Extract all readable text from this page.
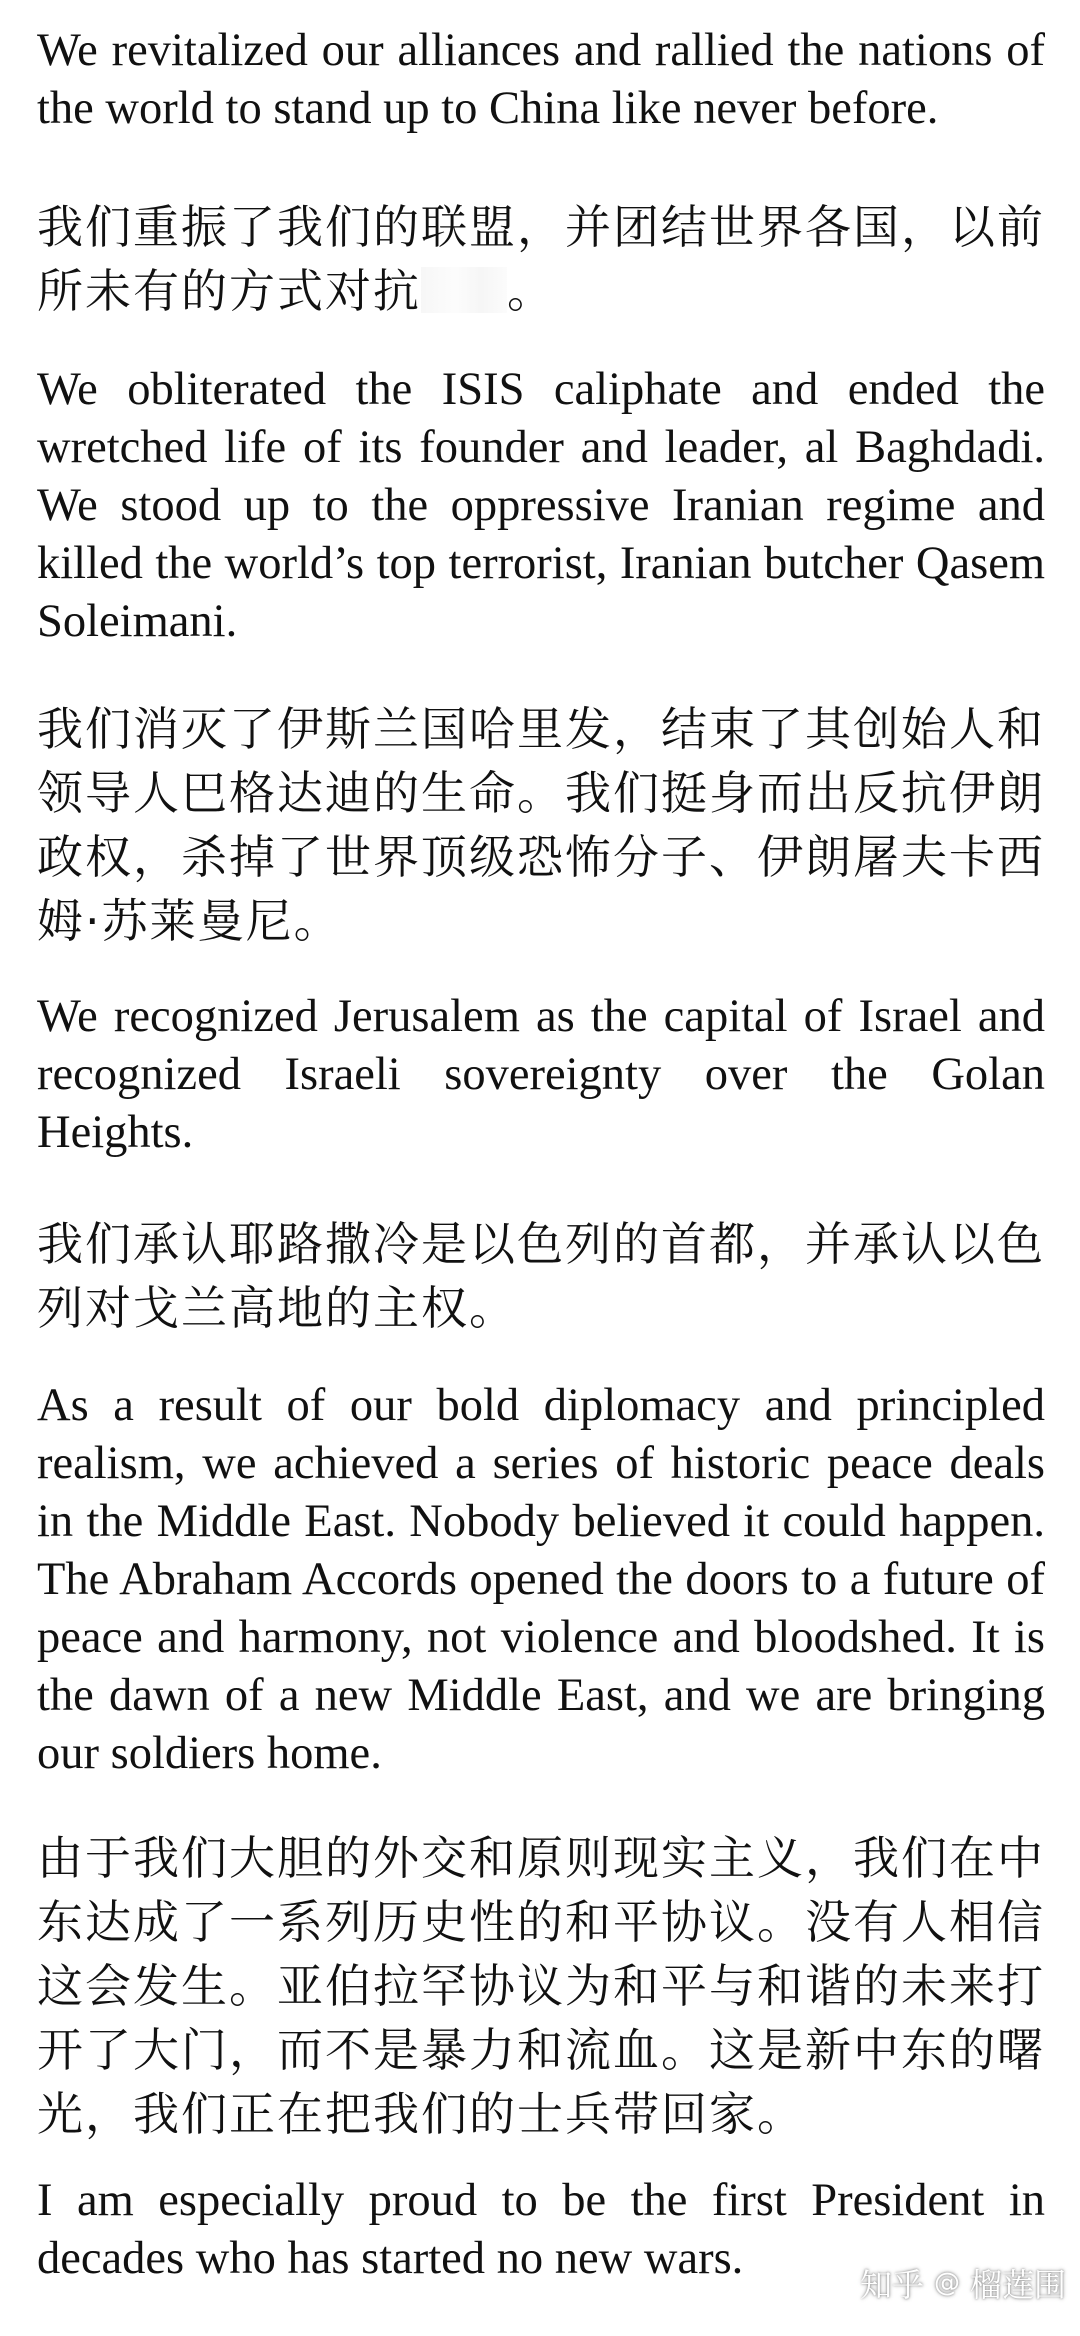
We revitalized our alliances and rallied the nations of the world to stand up to China like never before.

我们重振了我们的联盟，并团结世界各国，以前所未有的方式对抗 。

We obliterated the ISIS caliphate and ended the wretched life of its founder and leader, al Baghdadi. We stood up to the oppressive Iranian regime and killed the world’s top terrorist, Iranian butcher Qasem Soleimani.

我们消灭了伊斯兰国哈里发，结束了其创始人和领导人巴格达迪的生命。我们挺身而出反抗伊朗政权，杀掉了世界顶级恐怖分子、伊朗屠夫卡西姆·苏莱曼尼。

We recognized Jerusalem as the capital of Israel and recognized Israeli sovereignty over the Golan Heights.

我们承认耶路撒冷是以色列的首都，并承认以色列对戈兰高地的主权。

As a result of our bold diplomacy and principled realism, we achieved a series of historic peace deals in the Middle East. Nobody believed it could happen. The Abraham Accords opened the doors to a future of peace and harmony, not violence and bloodshed. It is the dawn of a new Middle East, and we are bringing our soldiers home.

由于我们大胆的外交和原则现实主义，我们在中东达成了一系列历史性的和平协议。没有人相信这会发生。亚伯拉罕协议为和平与和谐的未来打开了大门，而不是暴力和流血。这是新中东的曙光，我们正在把我们的士兵带回家。

I am especially proud to be the first President in decades who has started no new wars.

知乎 @ 榴莲围
